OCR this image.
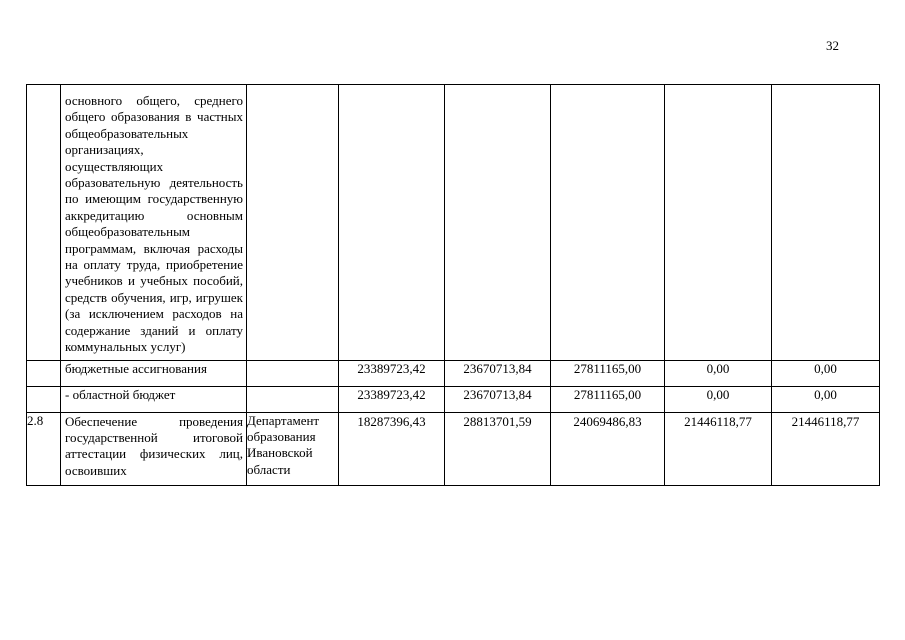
32

	основного общего, среднего общего образования в частных общеобразовательных организациях, осуществляющих образовательную деятельность по имеющим государственную аккредитацию основным общеобразовательным программам, включая расходы на оплату труда, приобретение учебников и учебных пособий, средств обучения, игр, игрушек (за исключением расходов на содержание зданий и оплату коммунальных услуг)						

	бюджетные ассигнования		23389723,42	23670713,84	27811165,00	0,00	0,00
	- областной бюджет		23389723,42	23670713,84	27811165,00	0,00	0,00
2.8	Обеспечение проведения государственной итоговой аттестации физических лиц, освоивших	Департамент образования Ивановской области	18287396,43	28813701,59	24069486,83	21446118,77	21446118,77
